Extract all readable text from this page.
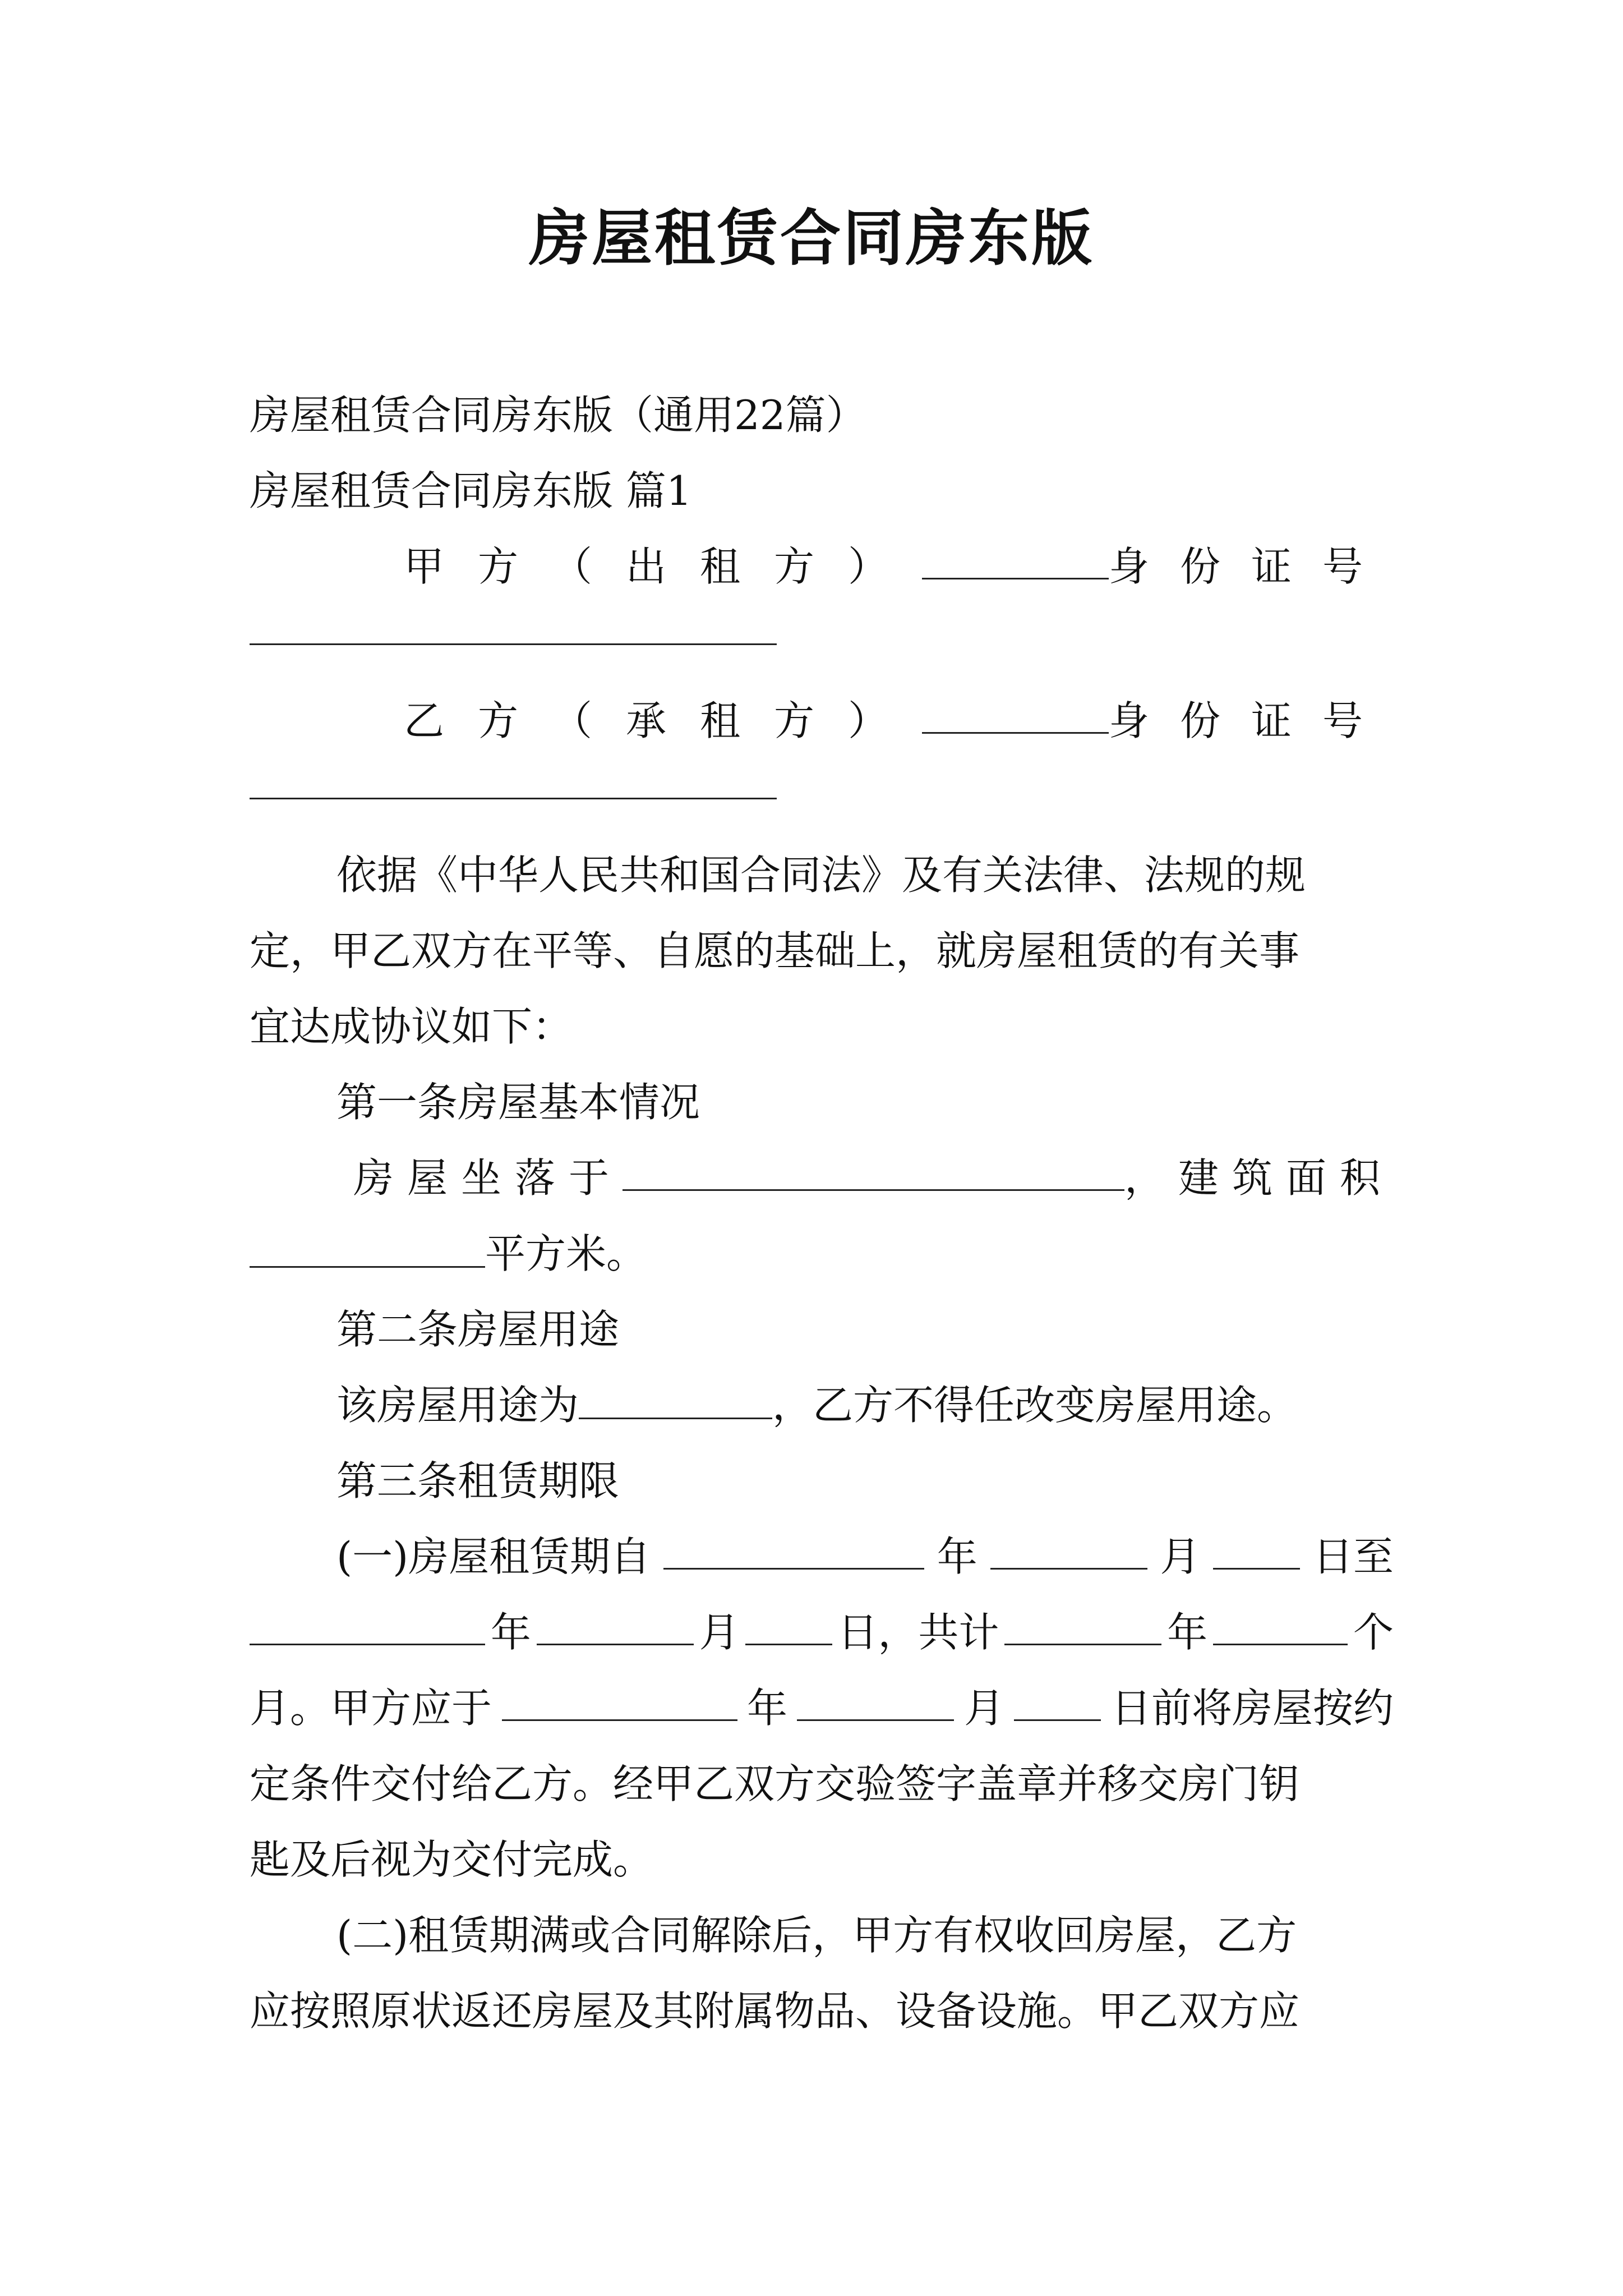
房屋租赁合同房东版
房屋租赁合同房东版（通用22篇）
房屋租赁合同房东版 篇1
甲方（出租方）	身份证号
乙方（承租方）	身份证号
依据《中华人民共和国合同法》及有关法律、法规的规
定，甲乙双方在平等、自愿的基础上，就房屋租赁的有关事
宜达成协议如下：
第一条房屋基本情况
房屋坐落于	，建筑面积
平方米。
第二条房屋用途
该房屋用途为	，乙方不得任改变房屋用途。
第三条租赁期限
(一)房屋租赁期自	年	月	日至
年	月 日，共计	年	个
月。甲方应于	年	月	日前将房屋按约
定条件交付给乙方。经甲乙双方交验签字盖章并移交房门钥
匙及后视为交付完成。
(二)租赁期满或合同解除后，甲方有权收回房屋，乙方
应按照原状返还房屋及其附属物品、设备设施。甲乙双方应
